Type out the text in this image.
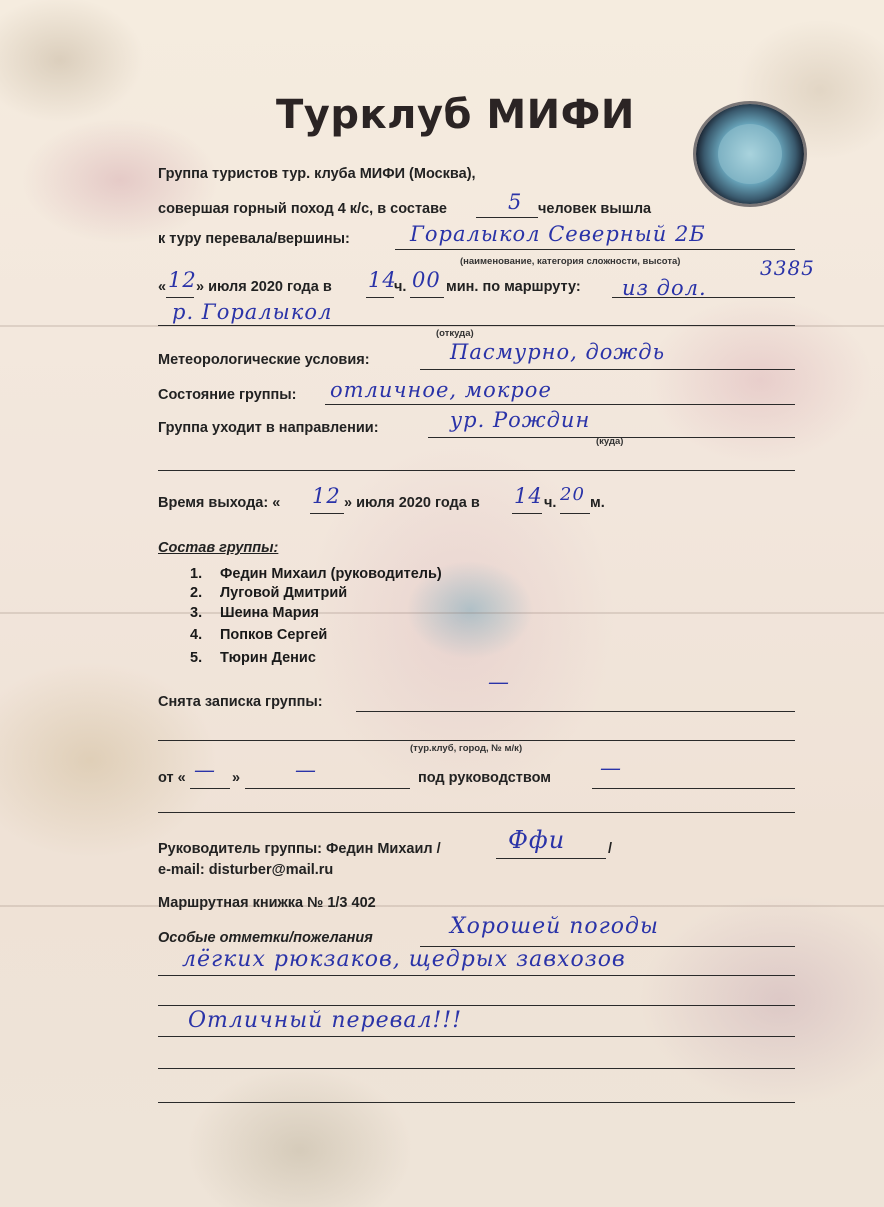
Турклуб МИФИ
Группа туристов тур. клуба МИФИ (Москва),
совершая горный поход 4 к/с, в составе	5 человек вышла
к туру перевала/вершины:	Горалыкол Северный 2Б
(наименование, категория сложности, высота)	3385
« 12 » июля 2020 года в 14
ч. 00 мин. по маршруту: из дол.
р. Горалыкол
(откуда)
Метеорологические условия:	Пасмурно, дождь
Состояние группы: отличное, мокрое
Группа уходит в направлении:	ур. Рождин
(куда)
Время выхода: « 12 » июля 2020 года в 14 ч. 20 м.
Состав группы:
1. Федин Михаил (руководитель)
2. Луговой Дмитрий
3. Шеина Мария
4. Попков Сергей
5. Тюрин Денис
Снята записка группы:
—
(тур.клуб, город, № м/к)
от « — »	—	под руководством —
Руководитель группы: Федин Михаил /	Ффи	/
e-mail: disturber@mail.ru
Маршрутная книжка № 1/3 402
Особые отметки/пожелания	Хорошей погоды
лёгких рюкзаков, щедрых завхозов
Отличный перевал!!!
